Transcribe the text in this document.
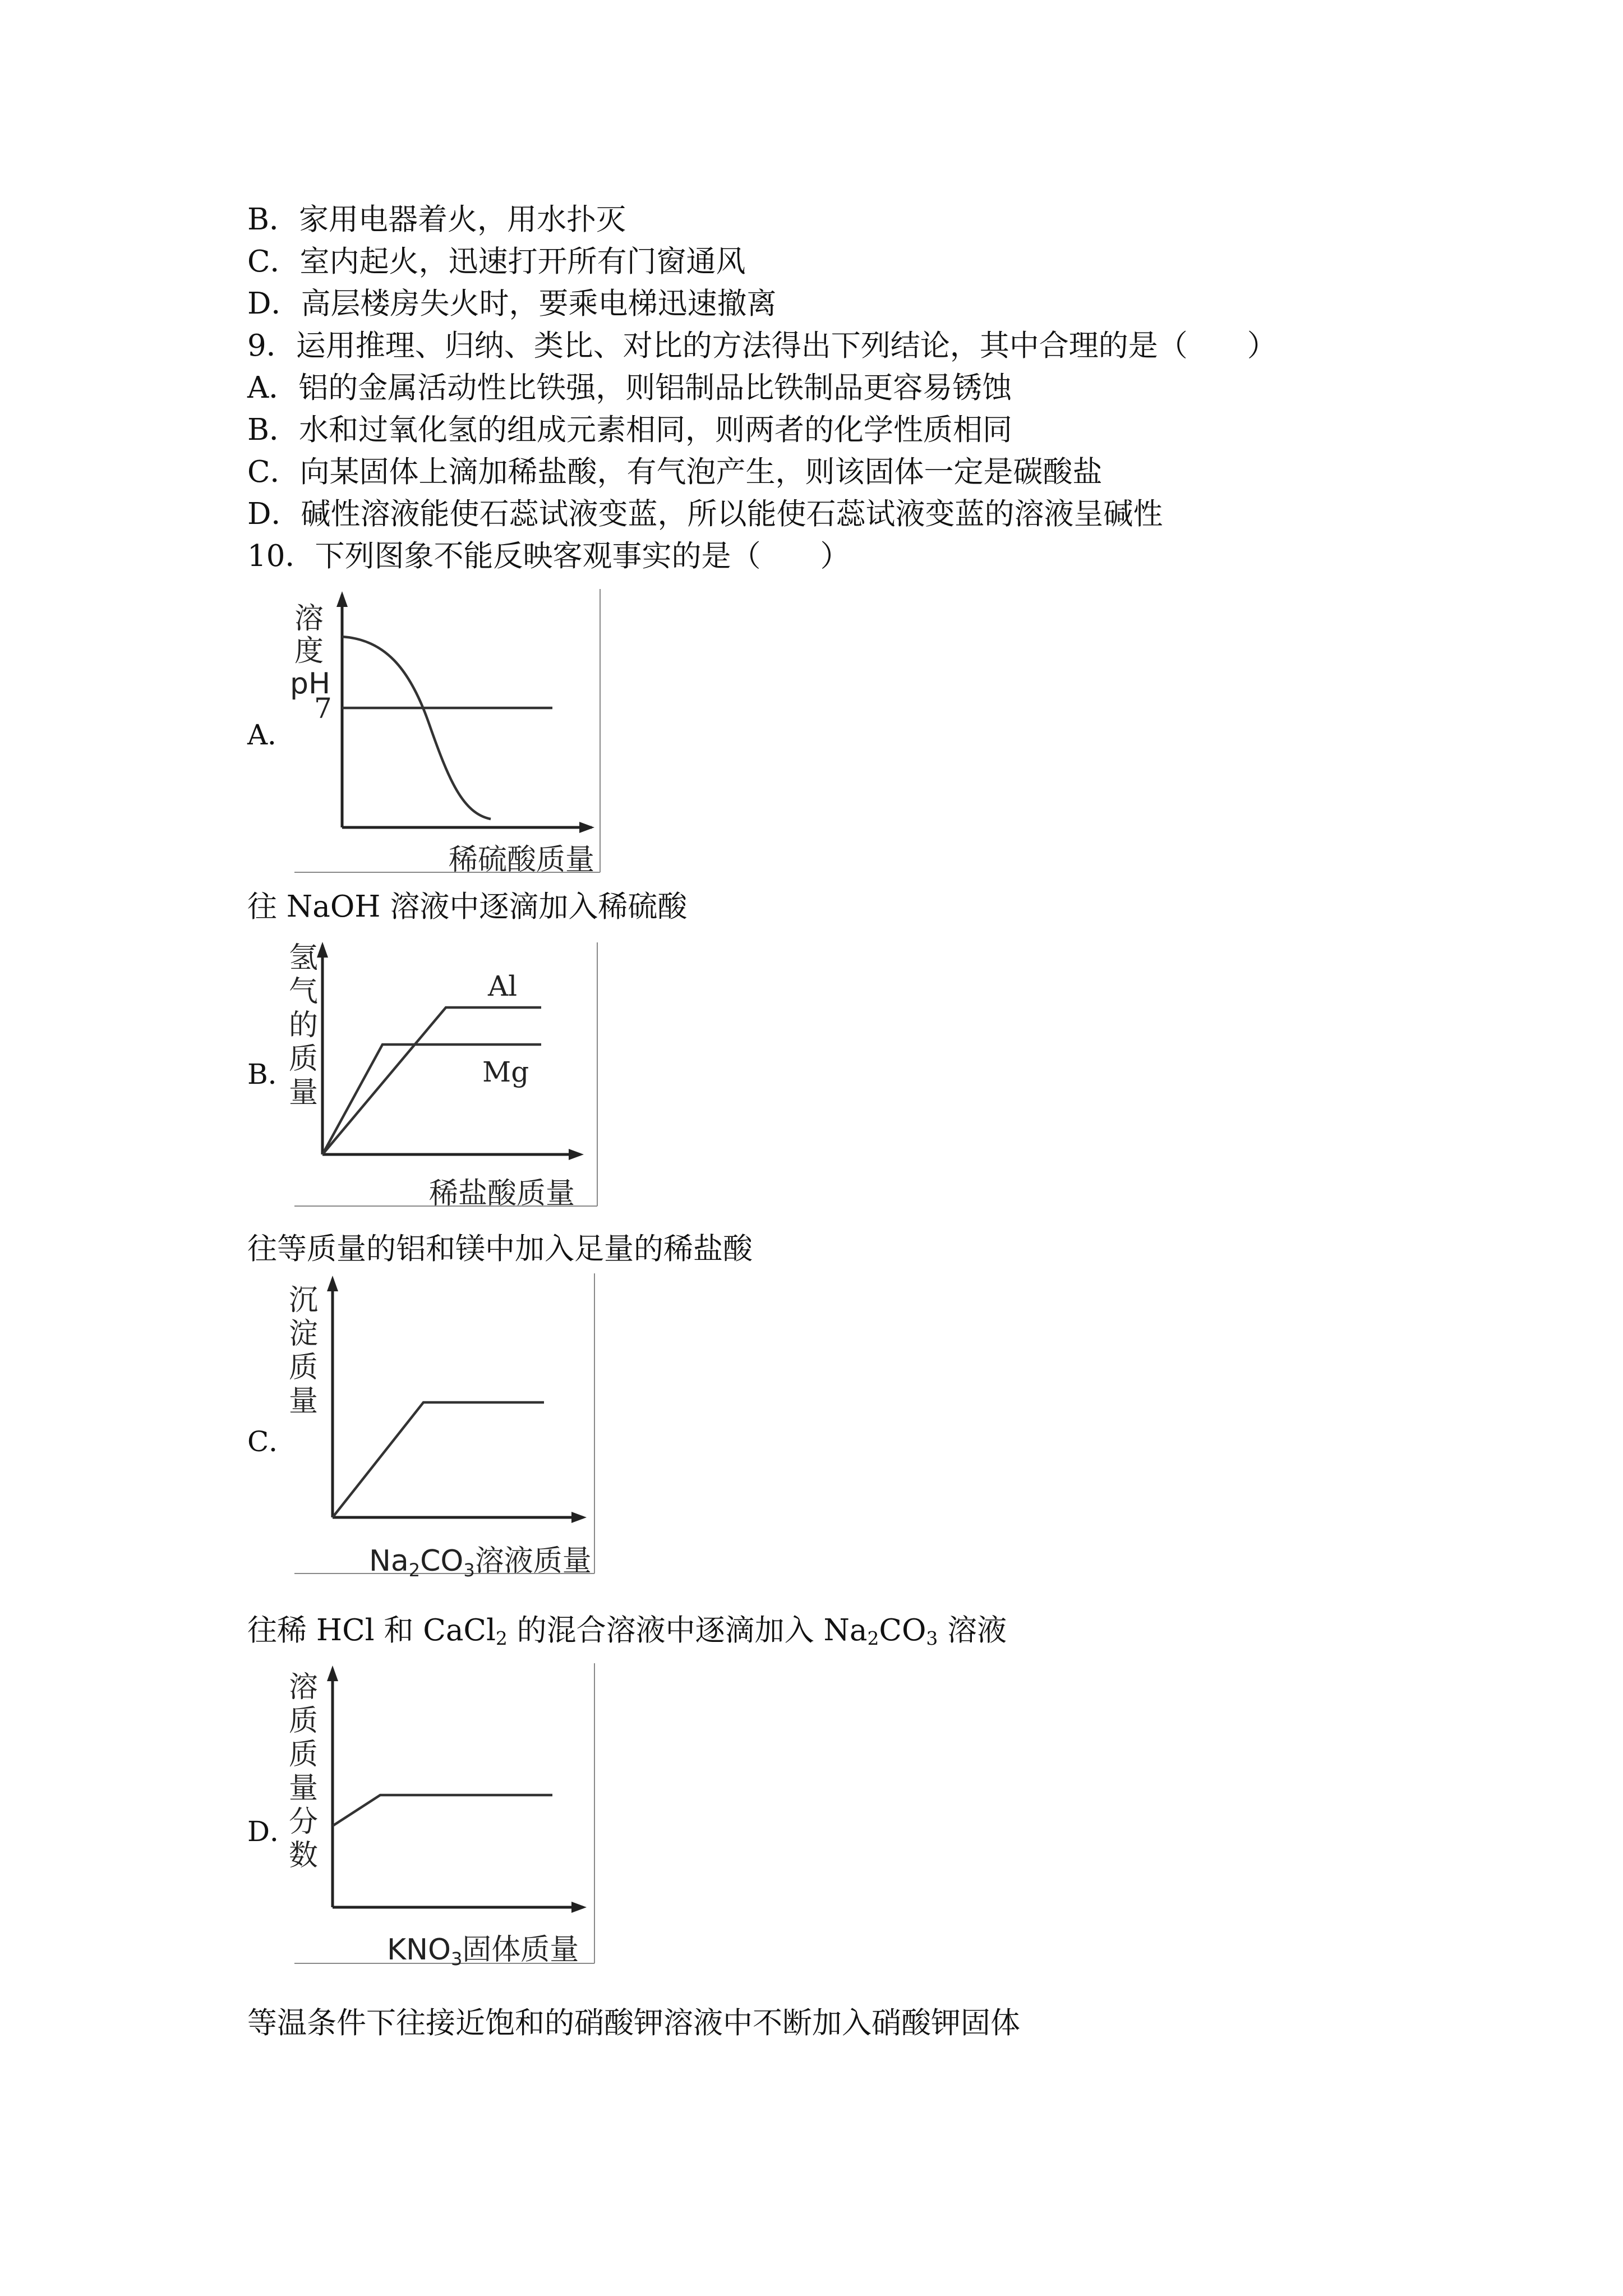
B．家用电器着火，用水扑灭
C．室内起火，迅速打开所有门窗通风
D．高层楼房失火时，要乘电梯迅速撤离
9．运用推理、归纳、类比、对比的方法得出下列结论，其中合理的是（　　）
A．铝的金属活动性比铁强，则铝制品比铁制品更容易锈蚀
B．水和过氧化氢的组成元素相同，则两者的化学性质相同
C．向某固体上滴加稀盐酸，有气泡产生，则该固体一定是碳酸盐
D．碱性溶液能使石蕊试液变蓝，所以能使石蕊试液变蓝的溶液呈碱性
10．下列图象不能反映客观事实的是（　　）
A．
溶
度
pH
7
稀硫酸质量
往 NaOH 溶液中逐滴加入稀硫酸
B．
Al
Mg
氢
气
的
质
量
稀盐酸质量
往等质量的铝和镁中加入足量的稀盐酸
C．
沉
淀
质
量
Na2CO3溶液质量
往稀 HCl 和 CaCl$_2$ 的混合溶液中逐滴加入 $Na_2CO_3$ 溶液
D．
溶
质
质
量
分
数
KNO3固体质量
等温条件下往接近饱和的硝酸钾溶液中不断加入硝酸钾固体
